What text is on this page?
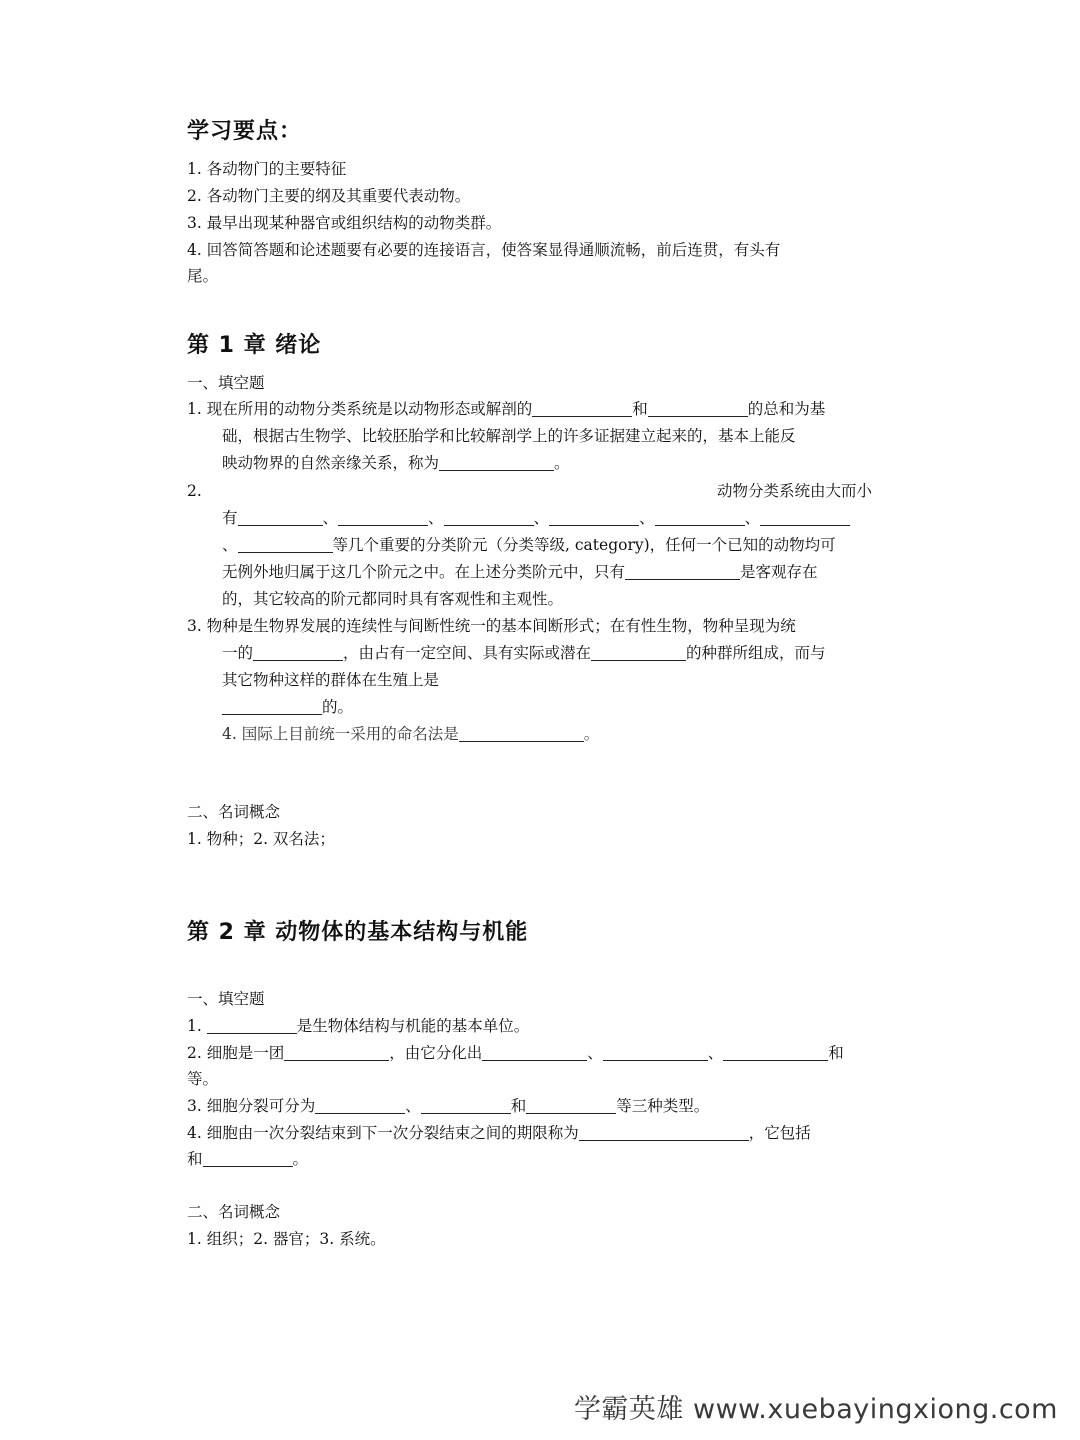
学习要点：
1. 各动物门的主要特征
2. 各动物门主要的纲及其重要代表动物。
3. 最早出现某种器官或组织结构的动物类群。
4. 回答简答题和论述题要有必要的连接语言，使答案显得通顺流畅，前后连贯，有头有
尾。
第 1 章 绪论
一、填空题
1. 现在所用的动物分类系统是以动物形态或解剖的	和	的总和为基
础，根据古生物学、比较胚胎学和比较解剖学上的许多证据建立起来的，基本上能反
映动物界的自然亲缘关系，称为	。
2.	动物分类系统由大而小
有	、	、	、	、	、
、	等几个重要的分类阶元（分类等级, category)，任何一个已知的动物均可
无例外地归属于这几个阶元之中。在上述分类阶元中，只有	是客观存在
的，其它较高的阶元都同时具有客观性和主观性。
3. 物种是生物界发展的连续性与间断性统一的基本间断形式；在有性生物，物种呈现为统
一的	，由占有一定空间、具有实际或潜在	的种群所组成，而与
其它物种这样的群体在生殖上是
的。
4. 国际上目前统一采用的命名法是	。
二、名词概念
1. 物种；2. 双名法；
第 2 章 动物体的基本结构与机能
一、填空题
1.	是生物体结构与机能的基本单位。
2. 细胞是一团	，由它分化出	、	、	和
等。
3. 细胞分裂可分为	、	和	等三种类型。
4. 细胞由一次分裂结束到下一次分裂结束之间的期限称为	，它包括
和	。
二、名词概念
1. 组织；2. 器官；3. 系统。
学霸英雄 www.xuebayingxiong.com
